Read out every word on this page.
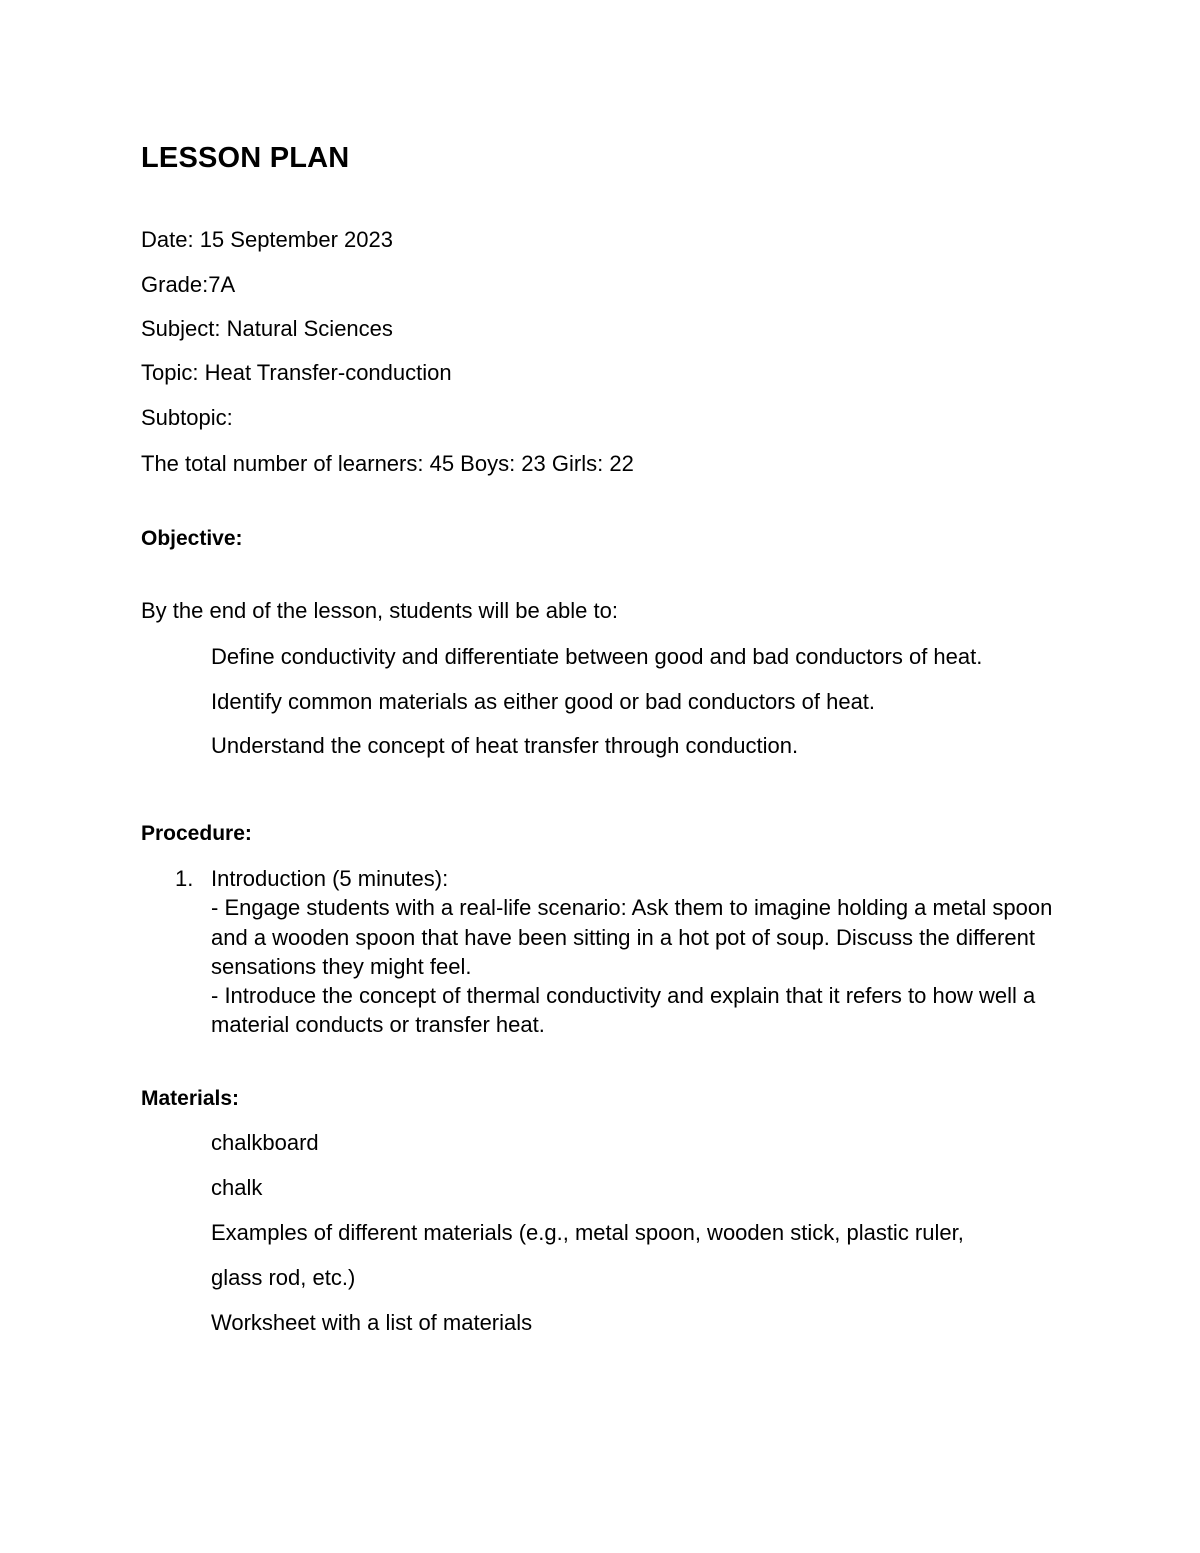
LESSON PLAN

Date: 15 September 2023

Grade:7A

Subject: Natural Sciences

Topic: Heat Transfer-conduction

Subtopic:

The total number of learners: 45 Boys: 23 Girls: 22

Objective:

By the end of the lesson, students will be able to:

Define conductivity and differentiate between good and bad conductors of heat.

Identify common materials as either good or bad conductors of heat.

Understand the concept of heat transfer through conduction.

Procedure:
1. Introduction (5 minutes):
- Engage students with a real-life scenario: Ask them to imagine holding a metal spoon and a wooden spoon that have been sitting in a hot pot of soup. Discuss the different sensations they might feel.
- Introduce the concept of thermal conductivity and explain that it refers to how well a material conducts or transfer heat.
Materials:

chalkboard

chalk

Examples of different materials (e.g., metal spoon, wooden stick, plastic ruler,

glass rod, etc.)

Worksheet with a list of materials
